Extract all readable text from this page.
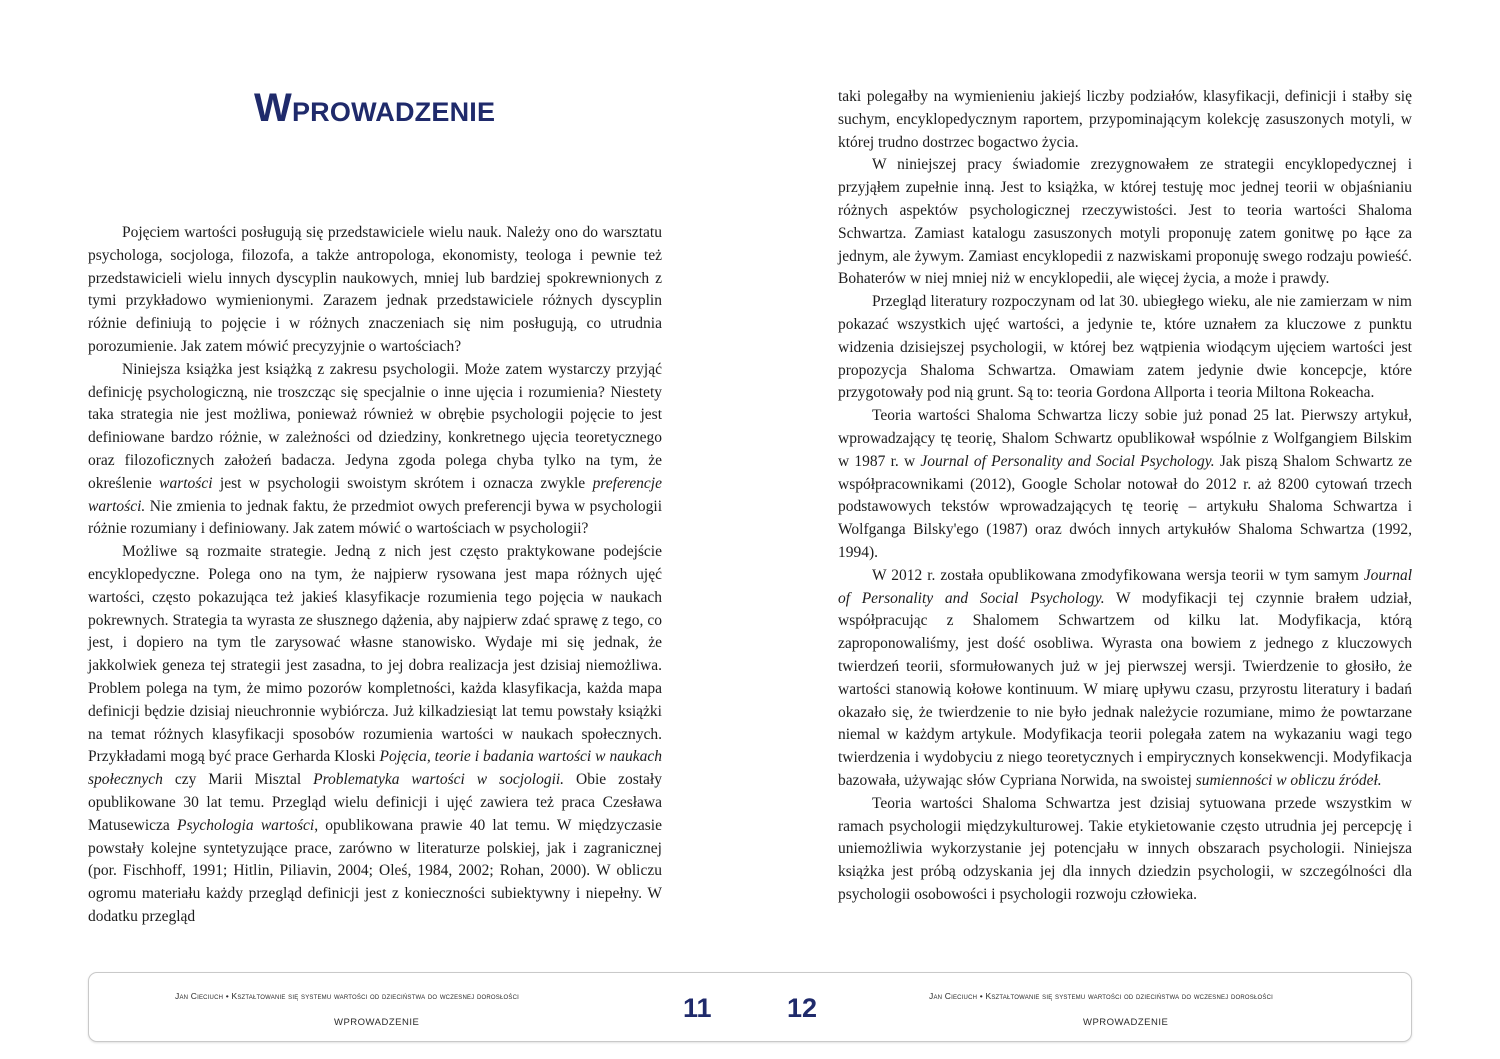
WPROWADZENIE

Pojęciem wartości posługują się przedstawiciele wielu nauk. Należy ono do warsztatu psychologa, socjologa, filozofa, a także antropologa, ekonomisty, teologa i pewnie też przedstawicieli wielu innych dyscyplin naukowych, mniej lub bardziej spokrewnionych z tymi przykładowo wymienionymi. Zarazem jednak przedstawiciele różnych dyscyplin różnie definiują to pojęcie i w różnych znaczeniach się nim posługują, co utrudnia porozumienie. Jak zatem mówić precyzyjnie o wartościach?

Niniejsza książka jest książką z zakresu psychologii. Może zatem wystarczy przyjąć definicję psychologiczną, nie troszcząc się specjalnie o inne ujęcia i rozumienia? Niestety taka strategia nie jest możliwa, ponieważ również w obrębie psychologii pojęcie to jest definiowane bardzo różnie, w zależności od dziedziny, konkretnego ujęcia teoretycznego oraz filozoficznych założeń badacza. Jedyna zgoda polega chyba tylko na tym, że określenie wartości jest w psychologii swoistym skrótem i oznacza zwykle preferencje wartości. Nie zmienia to jednak faktu, że przedmiot owych preferencji bywa w psychologii różnie rozumiany i definiowany. Jak zatem mówić o wartościach w psychologii?

Możliwe są rozmaite strategie. Jedną z nich jest często praktykowane podejście encyklopedyczne. Polega ono na tym, że najpierw rysowana jest mapa różnych ujęć wartości, często pokazująca też jakieś klasyfikacje rozumienia tego pojęcia w naukach pokrewnych. Strategia ta wyrasta ze słusznego dążenia, aby najpierw zdać sprawę z tego, co jest, i dopiero na tym tle zarysować własne stanowisko. Wydaje mi się jednak, że jakkolwiek geneza tej strategii jest zasadna, to jej dobra realizacja jest dzisiaj niemożliwa. Problem polega na tym, że mimo pozorów kompletności, każda klasyfikacja, każda mapa definicji będzie dzisiaj nieuchronnie wybiórcza. Już kilkadziesiąt lat temu powstały książki na temat różnych klasyfikacji sposobów rozumienia wartości w naukach społecznych. Przykładami mogą być prace Gerharda Kloski Pojęcia, teorie i badania wartości w naukach społecznych czy Marii Misztal Problematyka wartości w socjologii. Obie zostały opublikowane 30 lat temu. Przegląd wielu definicji i ujęć zawiera też praca Czesława Matusewicza Psychologia wartości, opublikowana prawie 40 lat temu. W międzyczasie powstały kolejne syntetyzujące prace, zarówno w literaturze polskiej, jak i zagranicznej (por. Fischhoff, 1991; Hitlin, Piliavin, 2004; Oleś, 1984, 2002; Rohan, 2000). W obliczu ogromu materiału każdy przegląd definicji jest z konieczności subiektywny i niepełny. W dodatku przegląd

taki polegałby na wymienieniu jakiejś liczby podziałów, klasyfikacji, definicji i stałby się suchym, encyklopedycznym raportem, przypominającym kolekcję zasuszonych motyli, w której trudno dostrzec bogactwo życia.

W niniejszej pracy świadomie zrezygnowałem ze strategii encyklopedycznej i przyjąłem zupełnie inną. Jest to książka, w której testuję moc jednej teorii w objaśnianiu różnych aspektów psychologicznej rzeczywistości. Jest to teoria wartości Shaloma Schwartza. Zamiast katalogu zasuszonych motyli proponuję zatem gonitwę po łące za jednym, ale żywym. Zamiast encyklopedii z nazwiskami proponuję swego rodzaju powieść. Bohaterów w niej mniej niż w encyklopedii, ale więcej życia, a może i prawdy.

Przegląd literatury rozpoczynam od lat 30. ubiegłego wieku, ale nie zamierzam w nim pokazać wszystkich ujęć wartości, a jedynie te, które uznałem za kluczowe z punktu widzenia dzisiejszej psychologii, w której bez wątpienia wiodącym ujęciem wartości jest propozycja Shaloma Schwartza. Omawiam zatem jedynie dwie koncepcje, które przygotowały pod nią grunt. Są to: teoria Gordona Allporta i teoria Miltona Rokeacha.

Teoria wartości Shaloma Schwartza liczy sobie już ponad 25 lat. Pierwszy artykuł, wprowadzający tę teorię, Shalom Schwartz opublikował wspólnie z Wolfgangiem Bilskim w 1987 r. w Journal of Personality and Social Psychology. Jak piszą Shalom Schwartz ze współpracownikami (2012), Google Scholar notował do 2012 r. aż 8200 cytowań trzech podstawowych tekstów wprowadzających tę teorię – artykułu Shaloma Schwartza i Wolfganga Bilsky'ego (1987) oraz dwóch innych artykułów Shaloma Schwartza (1992, 1994).

W 2012 r. została opublikowana zmodyfikowana wersja teorii w tym samym Journal of Personality and Social Psychology. W modyfikacji tej czynnie brałem udział, współpracując z Shalomem Schwartzem od kilku lat. Modyfikacja, którą zaproponowaliśmy, jest dość osobliwa. Wyrasta ona bowiem z jednego z kluczowych twierdzeń teorii, sformułowanych już w jej pierwszej wersji. Twierdzenie to głosiło, że wartości stanowią kołowe kontinuum. W miarę upływu czasu, przyrostu literatury i badań okazało się, że twierdzenie to nie było jednak należycie rozumiane, mimo że powtarzane niemal w każdym artykule. Modyfikacja teorii polegała zatem na wykazaniu wagi tego twierdzenia i wydobyciu z niego teoretycznych i empirycznych konsekwencji. Modyfikacja bazowała, używając słów Cypriana Norwida, na swoistej sumienności w obliczu źródeł.

Teoria wartości Shaloma Schwartza jest dzisiaj sytuowana przede wszystkim w ramach psychologii międzykulturowej. Takie etykietowanie często utrudnia jej percepcję i uniemożliwia wykorzystanie jej potencjału w innych obszarach psychologii. Niniejsza książka jest próbą odzyskania jej dla innych dziedzin psychologii, w szczególności dla psychologii osobowości i psychologii rozwoju człowieka.

Jan Cieciuch • Kształtowanie się systemu wartości od dzieciństwa do wczesnej dorosłości
WPROWADZENIE	11	12	Jan Cieciuch • Kształtowanie się systemu wartości od dzieciństwa do wczesnej dorosłości
WPROWADZENIE
